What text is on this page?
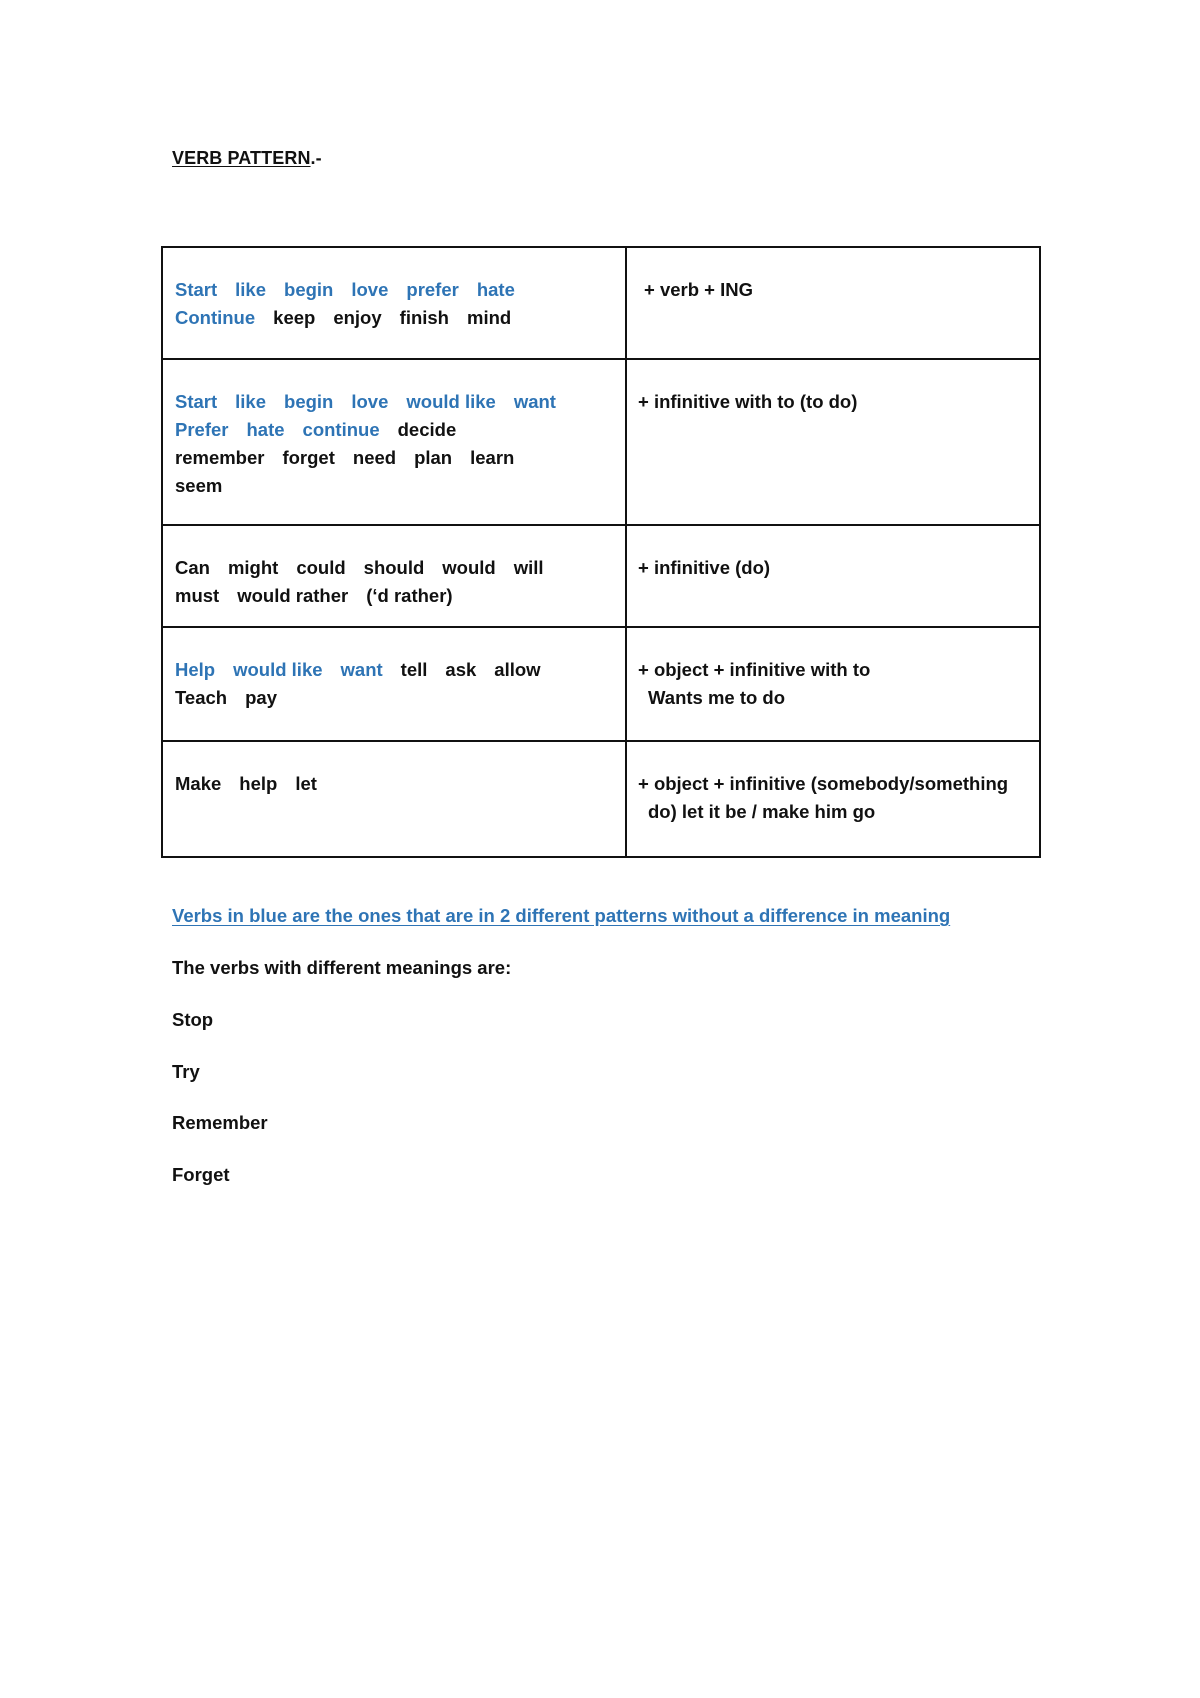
VERB PATTERN.-
Start like begin love prefer hate
Continue keep enjoy finish mind	+ verb + ING

Start like begin love would like want
Prefer hate continue decide
remember forget need plan learn
seem	+ infinitive with to (to do)

Can might could should would will
must would rather (‘d rather)	+ infinitive (do)

Help would like want tell ask allow
Teach pay	+ object + infinitive with to
Wants me to do

Make help let	+ object + infinitive (somebody/something
do) let it be / make him go
Verbs in blue are the ones that are in 2 different patterns without a difference in meaning
The verbs with different meanings are:
Stop
Try
Remember
Forget
